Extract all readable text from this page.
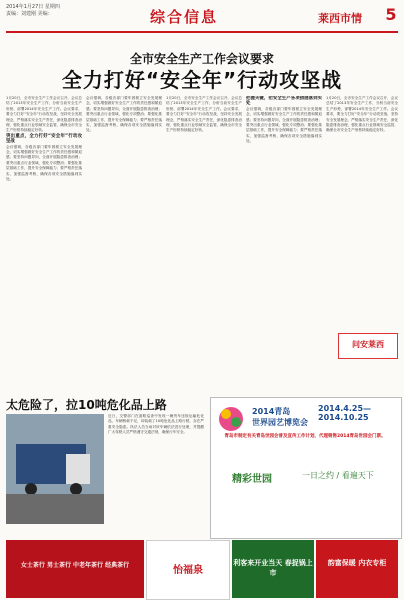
2014年1月27日 星期四
责编：刘建刚 美编：	综合信息	莱西市情 5
全市安全生产工作会议要求
全力打好“安全年”行动攻坚战
1月20日，全市安全生产工作会议召开，会议总结了2013年安全生产工作，分析当前安全生产形势，部署2014年安全生产工作。会议要求，要全力打好“安全年”行动攻坚战，坚持安全发展理念，严格落实安全生产责任，深化隐患排查治理，强化重点行业领域安全监管，确保全市安全生产形势持续稳定好转。
突出重点，全力打好“安全年”行动攻坚战
会议强调，各级各部门要牢固树立安全发展理念，切实增强做好安全生产工作的责任感和紧迫感；要坚持问题导向，全面开展隐患排查治理；要突出重点行业领域，强化专项整治；要强化基层基础工作，提升安全保障能力；要严格责任落实，加强监督考核，确保各项安全措施落到实处。
会议强调，各级各部门要牢固树立安全发展理念，切实增强做好安全生产工作的责任感和紧迫感；要坚持问题导向，全面开展隐患排查治理；要突出重点行业领域，强化专项整治；要强化基层基础工作，提升安全保障能力；要严格责任落实，加强监督考核，确保各项安全措施落到实处。
1月20日，全市安全生产工作会议召开，会议总结了2013年安全生产工作，分析当前安全生产形势，部署2014年安全生产工作。会议要求，要全力打好“安全年”行动攻坚战，坚持安全发展理念，严格落实安全生产责任，深化隐患排查治理，强化重点行业领域安全监管，确保全市安全生产形势持续稳定好转。
把握关键，把安全生产各项措施落到实处
会议强调，各级各部门要牢固树立安全发展理念，切实增强做好安全生产工作的责任感和紧迫感；要坚持问题导向，全面开展隐患排查治理；要突出重点行业领域，强化专项整治；要强化基层基础工作，提升安全保障能力；要严格责任落实，加强监督考核，确保各项安全措施落到实处。
1月20日，全市安全生产工作会议召开，会议总结了2013年安全生产工作，分析当前安全生产形势，部署2014年安全生产工作。会议要求，要全力打好“安全年”行动攻坚战，坚持安全发展理念，严格落实安全生产责任，深化隐患排查治理，强化重点行业领域安全监管，确保全市安全生产形势持续稳定好转。
问安莱西
太危险了，拉10吨危化品上路
近日，交警部门在道路巡查中发现一辆货车违规运输危化品，车辆核载不足，却装载了10吨危化品上路行驶，存在严重安全隐患。执法人员当场对该车辆依法进行处理，并提醒广大驾驶人员严格遵守交通法规，确保行车安全。
2014青岛	2014.4.25—2014.10.25
世界园艺博览会
青岛市制定有关青岛世园会普及宣传工作计划，代理销售2014青岛世园会门票。
精彩世园	一日之约 / 看遍天下
女士茶行 男士茶行 中老年茶行 经典茶行	怡福泉
利客来开业当天 春捉锅上市
韵富保暖 内衣专柜
